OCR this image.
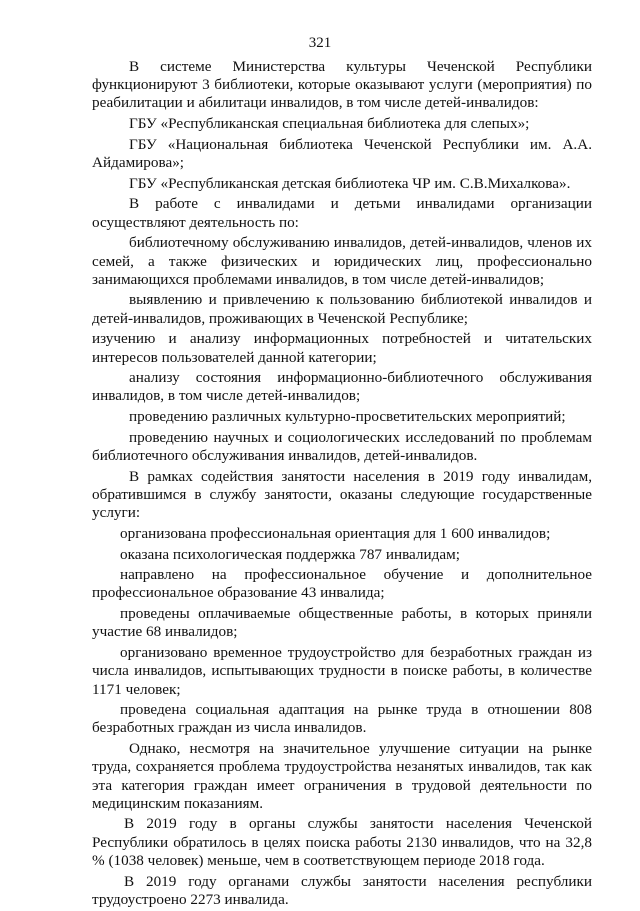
321

В системе Министерства культуры Чеченской Республики функционируют 3 библиотеки, которые оказывают услуги (мероприятия) по реабилитации и абилитаци инвалидов, в том числе детей-инвалидов:

ГБУ «Республиканская специальная библиотека для слепых»;

ГБУ «Национальная библиотека Чеченской Республики им. А.А. Айдамирова»;

ГБУ «Республиканская детская библиотека ЧР им. С.В.Михалкова».

В работе с инвалидами и детьми инвалидами организации осуществляют деятельность по:

библиотечному обслуживанию инвалидов, детей-инвалидов, членов их семей, а также физических и юридических лиц, профессионально занимающихся проблемами инвалидов, в том числе детей-инвалидов;

выявлению и привлечению к пользованию библиотекой инвалидов и детей-инвалидов, проживающих в Чеченской Республике;

изучению и анализу информационных потребностей и читательских интересов пользователей данной категории;

анализу состояния информационно-библиотечного обслуживания инвалидов, в том числе детей-инвалидов;

проведению различных культурно-просветительских мероприятий;

проведению научных и социологических исследований по проблемам библиотечного обслуживания инвалидов, детей-инвалидов.

В рамках содействия занятости населения в 2019 году инвалидам, обратившимся в службу занятости, оказаны следующие государственные услуги:

организована профессиональная ориентация для 1 600 инвалидов;

оказана психологическая поддержка 787 инвалидам;

направлено на профессиональное обучение и дополнительное профессиональное образование 43 инвалида;

проведены оплачиваемые общественные работы, в которых приняли участие 68 инвалидов;

организовано временное трудоустройство для безработных граждан из числа инвалидов, испытывающих трудности в поиске работы, в количестве 1171 человек;

проведена социальная адаптация на рынке труда в отношении 808 безработных граждан из числа инвалидов.

Однако, несмотря на значительное улучшение ситуации на рынке труда, сохраняется проблема трудоустройства незанятых инвалидов, так как эта категория граждан имеет ограничения в трудовой деятельности по медицинским показаниям.

В 2019 году в органы службы занятости населения Чеченской Республики обратилось в целях поиска работы 2130 инвалидов, что на 32,8 % (1038 человек) меньше, чем в соответствующем периоде 2018 года.

В 2019 году органами службы занятости населения республики трудоустроено 2273 инвалида.
